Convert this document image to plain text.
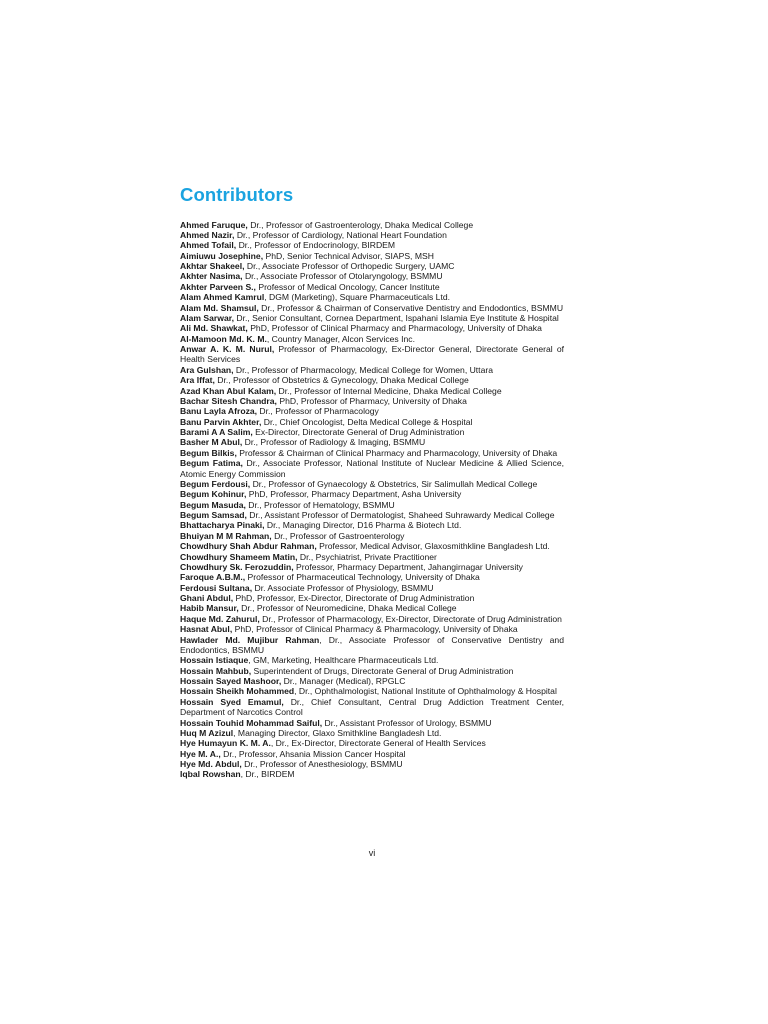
Contributors

Ahmed Faruque, Dr., Professor of Gastroenterology, Dhaka Medical College

Ahmed Nazir, Dr., Professor of Cardiology, National Heart Foundation

Ahmed Tofail, Dr., Professor of Endocrinology, BIRDEM

Aimiuwu Josephine, PhD, Senior Technical Advisor, SIAPS, MSH

Akhtar Shakeel, Dr., Associate Professor of Orthopedic Surgery, UAMC

Akhter Nasima, Dr., Associate Professor of Otolaryngology, BSMMU

Akhter Parveen S., Professor of Medical Oncology, Cancer Institute

Alam Ahmed Kamrul, DGM (Marketing), Square Pharmaceuticals Ltd.

Alam Md. Shamsul, Dr., Professor & Chairman of Conservative Dentistry and Endodontics, BSMMU

Alam Sarwar, Dr., Senior Consultant, Cornea Department, Ispahani Islamia Eye Institute & Hospital

Ali Md. Shawkat, PhD, Professor of Clinical Pharmacy and Pharmacology, University of Dhaka

Al-Mamoon Md. K. M., Country Manager, Alcon Services Inc.

Anwar A. K. M. Nurul, Professor of Pharmacology, Ex-Director General, Directorate General of Health Services

Ara Gulshan, Dr., Professor of Pharmacology, Medical College for Women, Uttara

Ara Iffat, Dr., Professor of Obstetrics & Gynecology, Dhaka Medical College

Azad Khan Abul Kalam, Dr., Professor of Internal Medicine, Dhaka Medical College

Bachar Sitesh Chandra, PhD, Professor of Pharmacy, University of Dhaka

Banu Layla Afroza, Dr., Professor of Pharmacology

Banu Parvin Akhter, Dr., Chief Oncologist, Delta Medical College & Hospital

Barami A A Salim, Ex-Director, Directorate General of Drug Administration

Basher M Abul, Dr., Professor of Radiology & Imaging, BSMMU

Begum Bilkis, Professor & Chairman of Clinical Pharmacy and Pharmacology, University of Dhaka

Begum Fatima, Dr., Associate Professor, National Institute of Nuclear Medicine & Allied Science, Atomic Energy Commission

Begum Ferdousi, Dr., Professor of Gynaecology & Obstetrics, Sir Salimullah Medical College

Begum Kohinur, PhD, Professor, Pharmacy Department, Asha University

Begum Masuda, Dr., Professor of Hematology, BSMMU

Begum Samsad, Dr., Assistant Professor of Dermatologist, Shaheed Suhrawardy Medical College

Bhattacharya Pinaki, Dr., Managing Director, D16 Pharma & Biotech Ltd.

Bhuiyan M M Rahman, Dr., Professor of Gastroenterology

Chowdhury Shah Abdur Rahman, Professor, Medical Advisor, Glaxosmithkline Bangladesh Ltd.

Chowdhury Shameem Matin, Dr., Psychiatrist, Private Practitioner

Chowdhury Sk. Ferozuddin, Professor, Pharmacy Department, Jahangirnagar University

Faroque A.B.M., Professor of Pharmaceutical Technology, University of Dhaka

Ferdousi Sultana, Dr. Associate Professor of Physiology, BSMMU

Ghani Abdul, PhD, Professor, Ex-Director, Directorate of Drug Administration

Habib Mansur, Dr., Professor of Neuromedicine, Dhaka Medical College

Haque Md. Zahurul, Dr., Professor of Pharmacology, Ex-Director, Directorate of Drug Administration

Hasnat Abul, PhD, Professor of Clinical Pharmacy & Pharmacology, University of Dhaka

Hawlader Md. Mujibur Rahman, Dr., Associate Professor of Conservative Dentistry and Endodontics, BSMMU

Hossain Istiaque, GM, Marketing, Healthcare Pharmaceuticals Ltd.

Hossain Mahbub, Superintendent of Drugs, Directorate General of Drug Administration

Hossain Sayed Mashoor, Dr., Manager (Medical), RPGLC

Hossain Sheikh Mohammed, Dr., Ophthalmologist, National Institute of Ophthalmology & Hospital

Hossain Syed Emamul, Dr., Chief Consultant, Central Drug Addiction Treatment Center, Department of Narcotics Control

Hossain Touhid Mohammad Saiful, Dr., Assistant Professor of Urology, BSMMU

Huq M Azizul, Managing Director, Glaxo Smithkline Bangladesh Ltd.

Hye Humayun K. M. A., Dr., Ex-Director, Directorate General of Health Services

Hye M. A., Dr., Professor, Ahsania Mission Cancer Hospital

Hye Md. Abdul, Dr., Professor of Anesthesiology, BSMMU

Iqbal Rowshan, Dr., BIRDEM

vi
